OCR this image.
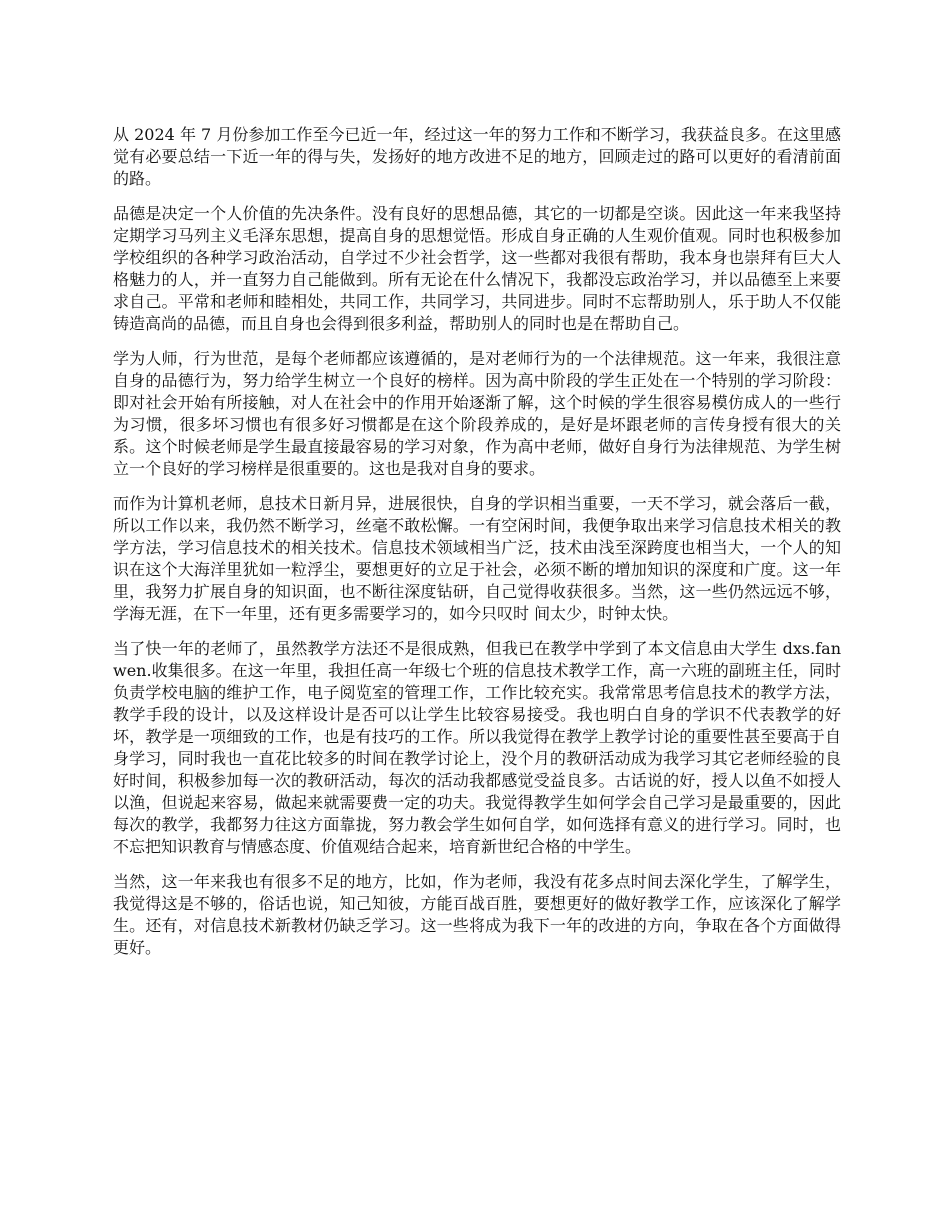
从 2024 年 7 月份参加工作至今已近一年，经过这一年的努力工作和不断学习，我获益良多。在这里感觉有必要总结一下近一年的得与失，发扬好的地方改进不足的地方，回顾走过的路可以更好的看清前面的路。

品德是决定一个人价值的先决条件。没有良好的思想品德，其它的一切都是空谈。因此这一年来我坚持定期学习马列主义毛泽东思想，提高自身的思想觉悟。形成自身正确的人生观价值观。同时也积极参加学校组织的各种学习政治活动，自学过不少社会哲学，这一些都对我很有帮助，我本身也崇拜有巨大人格魅力的人，并一直努力自己能做到。所有无论在什么情况下，我都没忘政治学习，并以品德至上来要求自己。平常和老师和睦相处，共同工作，共同学习，共同进步。同时不忘帮助别人，乐于助人不仅能铸造高尚的品德，而且自身也会得到很多利益，帮助别人的同时也是在帮助自己。

学为人师，行为世范，是每个老师都应该遵循的，是对老师行为的一个法律规范。这一年来，我很注意自身的品德行为，努力给学生树立一个良好的榜样。因为高中阶段的学生正处在一个特别的学习阶段：即对社会开始有所接触，对人在社会中的作用开始逐渐了解，这个时候的学生很容易模仿成人的一些行为习惯，很多坏习惯也有很多好习惯都是在这个阶段养成的，是好是坏跟老师的言传身授有很大的关系。这个时候老师是学生最直接最容易的学习对象，作为高中老师，做好自身行为法律规范、为学生树立一个良好的学习榜样是很重要的。这也是我对自身的要求。

而作为计算机老师，息技术日新月异，进展很快，自身的学识相当重要，一天不学习，就会落后一截，所以工作以来，我仍然不断学习，丝毫不敢松懈。一有空闲时间，我便争取出来学习信息技术相关的教学方法，学习信息技术的相关技术。信息技术领域相当广泛，技术由浅至深跨度也相当大，一个人的知识在这个大海洋里犹如一粒浮尘，要想更好的立足于社会，必须不断的增加知识的深度和广度。这一年里，我努力扩展自身的知识面，也不断往深度钻研，自己觉得收获很多。当然，这一些仍然远远不够，学海无涯，在下一年里，还有更多需要学习的，如今只叹时 间太少，时钟太快。

当了快一年的老师了，虽然教学方法还不是很成熟，但我已在教学中学到了本文信息由大学生 dxs.fanwen.收集很多。在这一年里，我担任高一年级七个班的信息技术教学工作，高一六班的副班主任，同时负责学校电脑的维护工作，电子阅览室的管理工作，工作比较充实。我常常思考信息技术的教学方法，教学手段的设计，以及这样设计是否可以让学生比较容易接受。我也明白自身的学识不代表教学的好坏，教学是一项细致的工作，也是有技巧的工作。所以我觉得在教学上教学讨论的重要性甚至要高于自身学习，同时我也一直花比较多的时间在教学讨论上，没个月的教研活动成为我学习其它老师经验的良好时间，积极参加每一次的教研活动，每次的活动我都感觉受益良多。古话说的好，授人以鱼不如授人以渔，但说起来容易，做起来就需要费一定的功夫。我觉得教学生如何学会自己学习是最重要的，因此每次的教学，我都努力往这方面靠拢，努力教会学生如何自学，如何选择有意义的进行学习。同时，也不忘把知识教育与情感态度、价值观结合起来，培育新世纪合格的中学生。

当然，这一年来我也有很多不足的地方，比如，作为老师，我没有花多点时间去深化学生，了解学生，我觉得这是不够的，俗话也说，知己知彼，方能百战百胜，要想更好的做好教学工作，应该深化了解学生。还有，对信息技术新教材仍缺乏学习。这一些将成为我下一年的改进的方向，争取在各个方面做得更好。
